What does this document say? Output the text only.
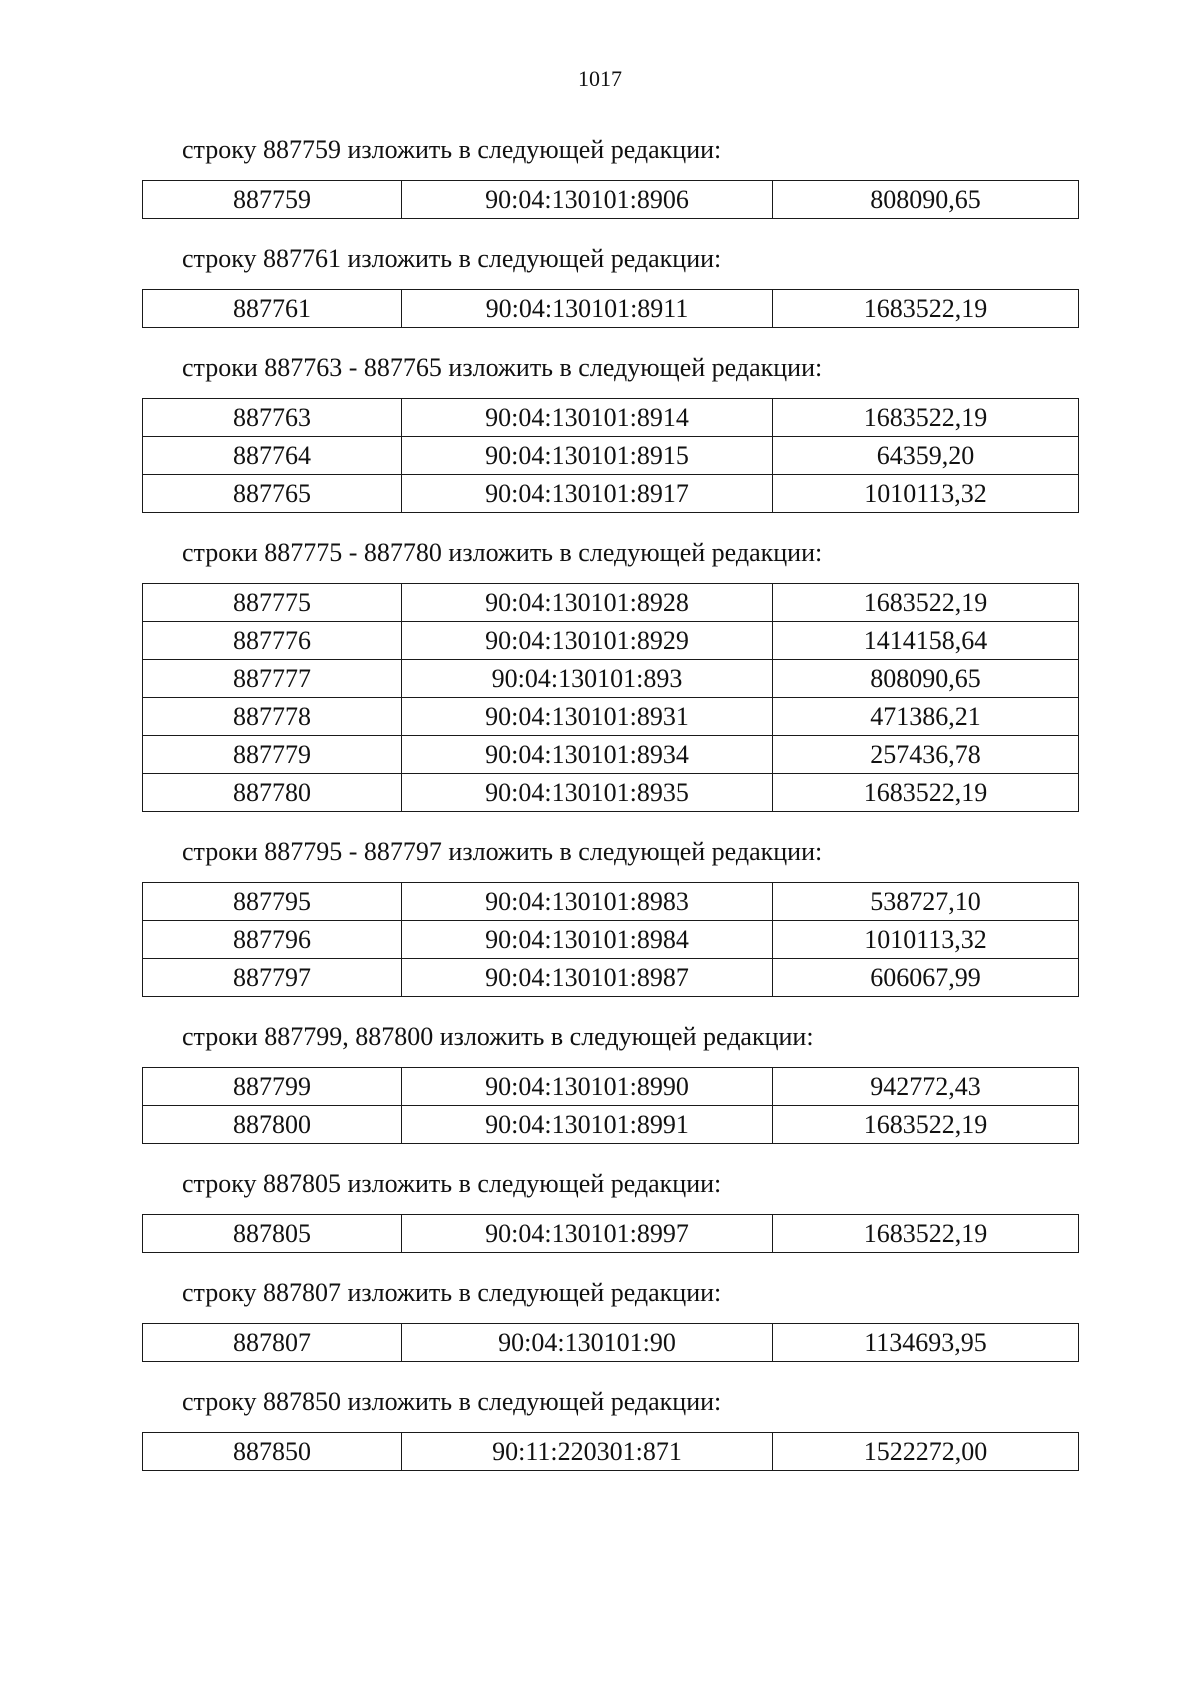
1017

строку 887759 изложить в следующей редакции:

887759	90:04:130101:8906	808090,65

строку 887761 изложить в следующей редакции:

887761	90:04:130101:8911	1683522,19

строки 887763 - 887765 изложить в следующей редакции:

887763	90:04:130101:8914	1683522,19
887764	90:04:130101:8915	64359,20
887765	90:04:130101:8917	1010113,32

строки 887775 - 887780 изложить в следующей редакции:

887775	90:04:130101:8928	1683522,19
887776	90:04:130101:8929	1414158,64
887777	90:04:130101:893	808090,65
887778	90:04:130101:8931	471386,21
887779	90:04:130101:8934	257436,78
887780	90:04:130101:8935	1683522,19

строки 887795 - 887797 изложить в следующей редакции:

887795	90:04:130101:8983	538727,10
887796	90:04:130101:8984	1010113,32
887797	90:04:130101:8987	606067,99

строки 887799, 887800 изложить в следующей редакции:

887799	90:04:130101:8990	942772,43
887800	90:04:130101:8991	1683522,19

строку 887805 изложить в следующей редакции:

887805	90:04:130101:8997	1683522,19

строку 887807 изложить в следующей редакции:

887807	90:04:130101:90	1134693,95

строку 887850 изложить в следующей редакции:

887850	90:11:220301:871	1522272,00
